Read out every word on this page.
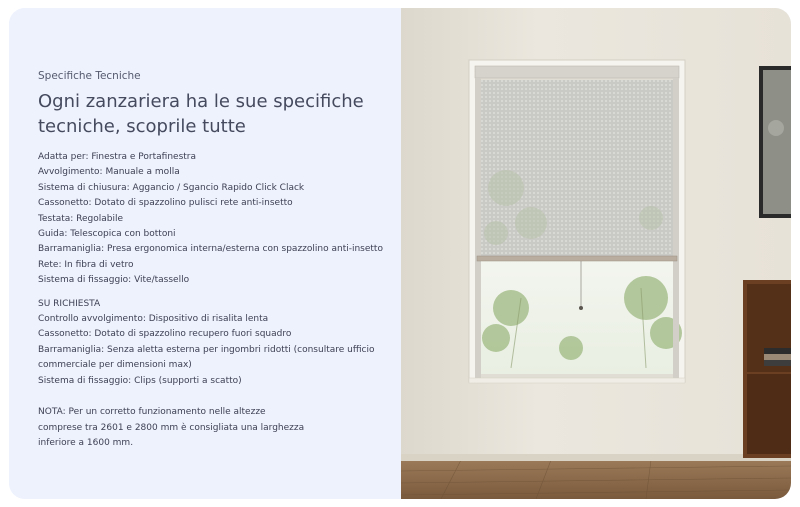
Specifiche Tecniche
Ogni zanzariera ha le sue specifiche tecniche, scoprile tutte
Adatta per: Finestra e Portafinestra
Avvolgimento: Manuale a molla
Sistema di chiusura: Aggancio / Sgancio Rapido Click Clack
Cassonetto: Dotato di spazzolino pulisci rete anti-insetto
Testata: Regolabile
Guida: Telescopica con bottoni
Barramaniglia: Presa ergonomica interna/esterna con spazzolino anti-insetto
Rete: In fibra di vetro
Sistema di fissaggio: Vite/tassello
SU RICHIESTA
Controllo avvolgimento: Dispositivo di risalita lenta
Cassonetto: Dotato di spazzolino recupero fuori squadro
Barramaniglia: Senza aletta esterna per ingombri ridotti (consultare ufficio
commerciale per dimensioni max)
Sistema di fissaggio: Clips (supporti a scatto)
NOTA: Per un corretto funzionamento nelle altezze
comprese tra 2601 e 2800 mm è consigliata una larghezza
inferiore a 1600 mm.
